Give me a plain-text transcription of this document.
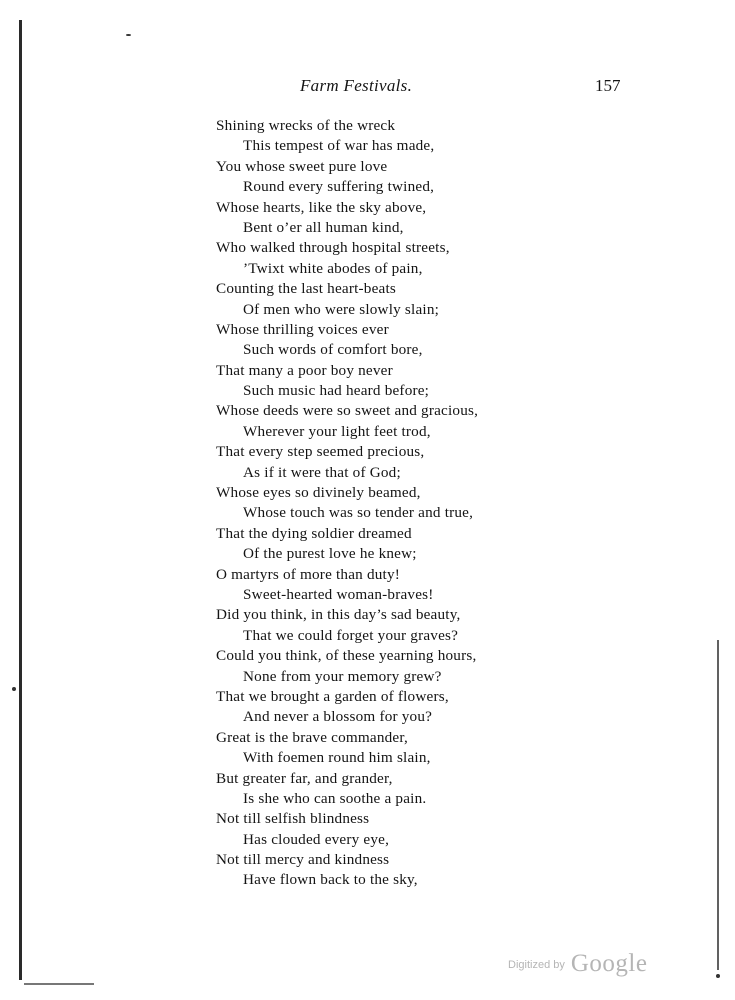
Farm Festivals.	157
Shining wrecks of the wreck
This tempest of war has made,
You whose sweet pure love
Round every suffering twined,
Whose hearts, like the sky above,
Bent o’er all human kind,
Who walked through hospital streets,
’Twixt white abodes of pain,
Counting the last heart-beats
Of men who were slowly slain;
Whose thrilling voices ever
Such words of comfort bore,
That many a poor boy never
Such music had heard before;
Whose deeds were so sweet and gracious,
Wherever your light feet trod,
That every step seemed precious,
As if it were that of God;
Whose eyes so divinely beamed,
Whose touch was so tender and true,
That the dying soldier dreamed
Of the purest love he knew;
O martyrs of more than duty!
Sweet-hearted woman-braves!
Did you think, in this day’s sad beauty,
That we could forget your graves?
Could you think, of these yearning hours,
None from your memory grew?
That we brought a garden of flowers,
And never a blossom for you?
Great is the brave commander,
With foemen round him slain,
But greater far, and grander,
Is she who can soothe a pain.
Not till selfish blindness
Has clouded every eye,
Not till mercy and kindness
Have flown back to the sky,
Digitized by Google
